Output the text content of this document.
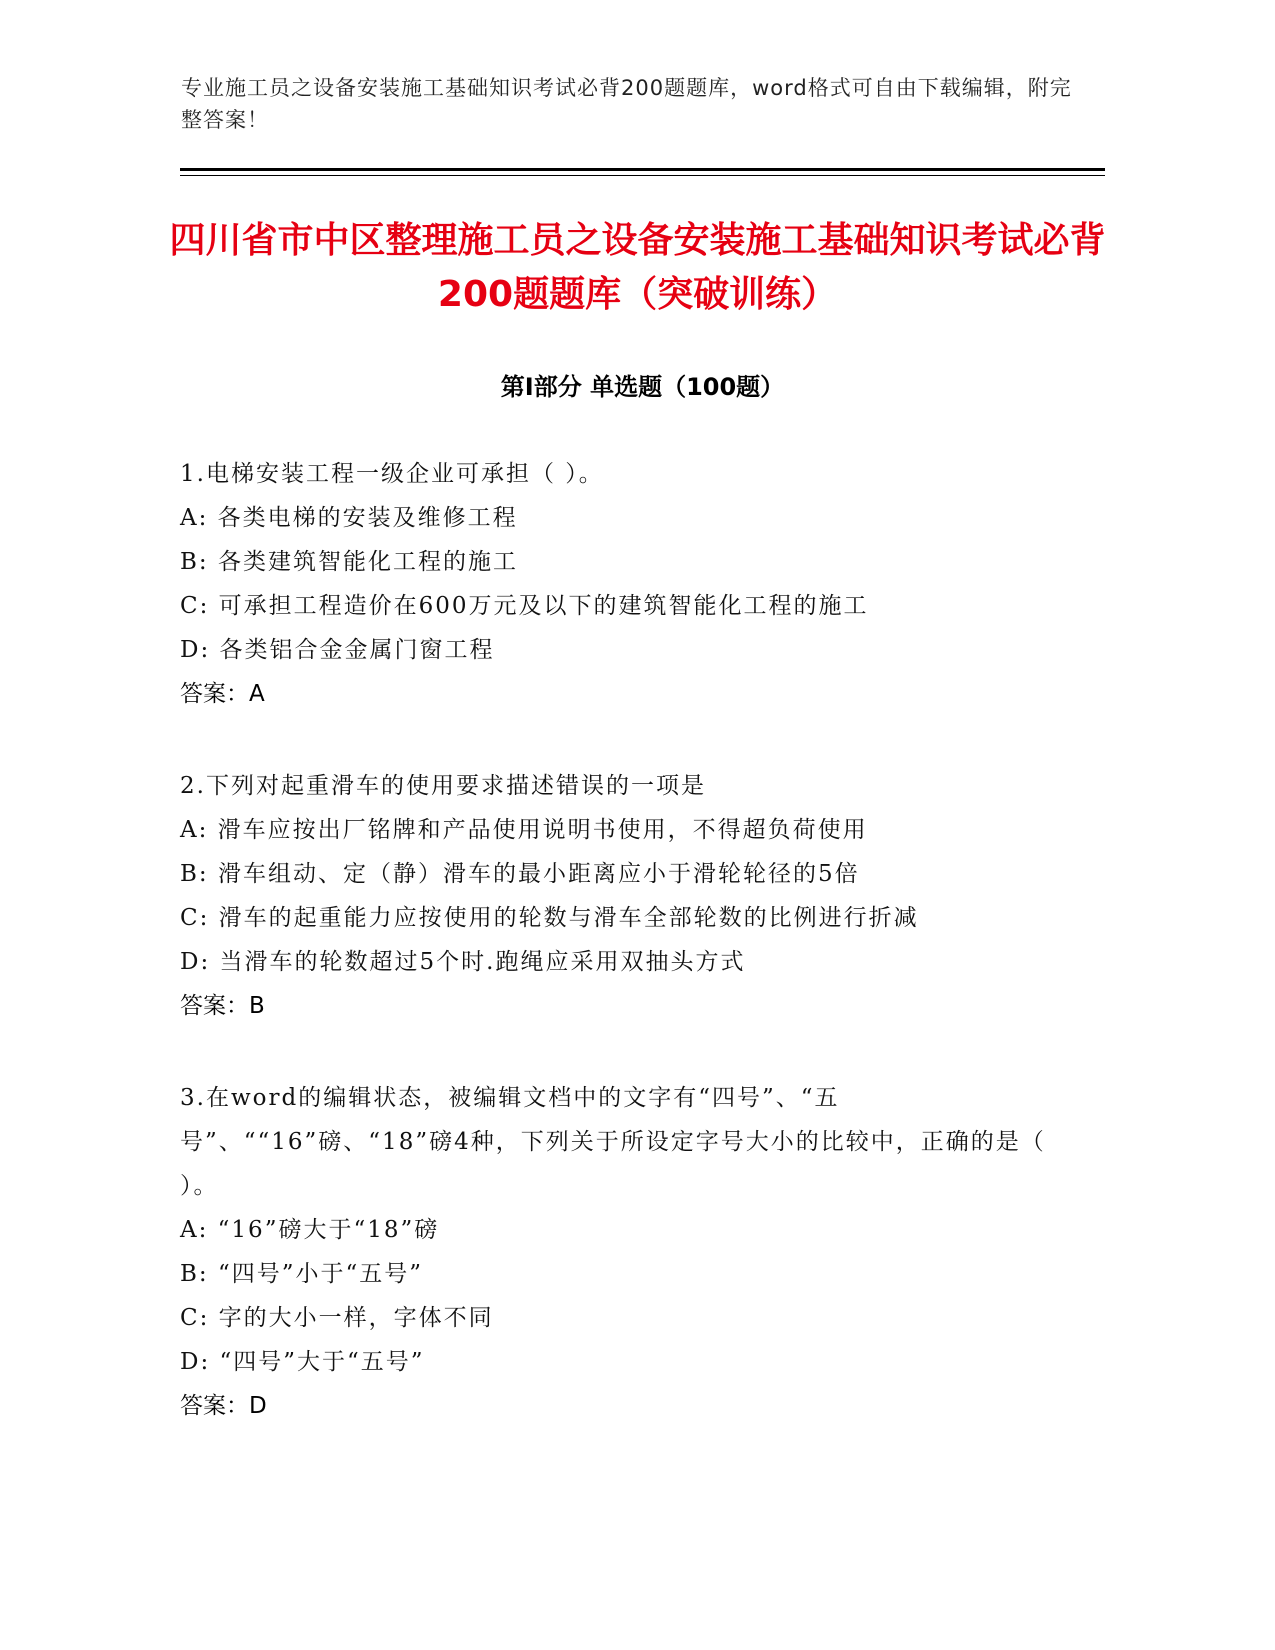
专业施工员之设备安装施工基础知识考试必背200题题库，word格式可自由下载编辑，附完整答案！
四川省市中区整理施工员之设备安装施工基础知识考试必背200题题库（突破训练）
第Ⅰ部分 单选题（100题）
1.电梯安装工程一级企业可承担（ ）。
A: 各类电梯的安装及维修工程
B: 各类建筑智能化工程的施工
C: 可承担工程造价在600万元及以下的建筑智能化工程的施工
D: 各类铝合金金属门窗工程
答案：A
2.下列对起重滑车的使用要求描述错误的一项是
A: 滑车应按出厂铭牌和产品使用说明书使用，不得超负荷使用
B: 滑车组动、定（静）滑车的最小距离应小于滑轮轮径的5倍
C: 滑车的起重能力应按使用的轮数与滑车全部轮数的比例进行折减
D: 当滑车的轮数超过5个时.跑绳应采用双抽头方式
答案：B
3.在word的编辑状态，被编辑文档中的文字有“四号”、“五号”、““16”磅、“18”磅4种，下列关于所设定字号大小的比较中，正确的是（ ）。
A: “16”磅大于“18”磅
B: “四号”小于“五号”
C: 字的大小一样，字体不同
D: “四号”大于“五号”
答案：D
